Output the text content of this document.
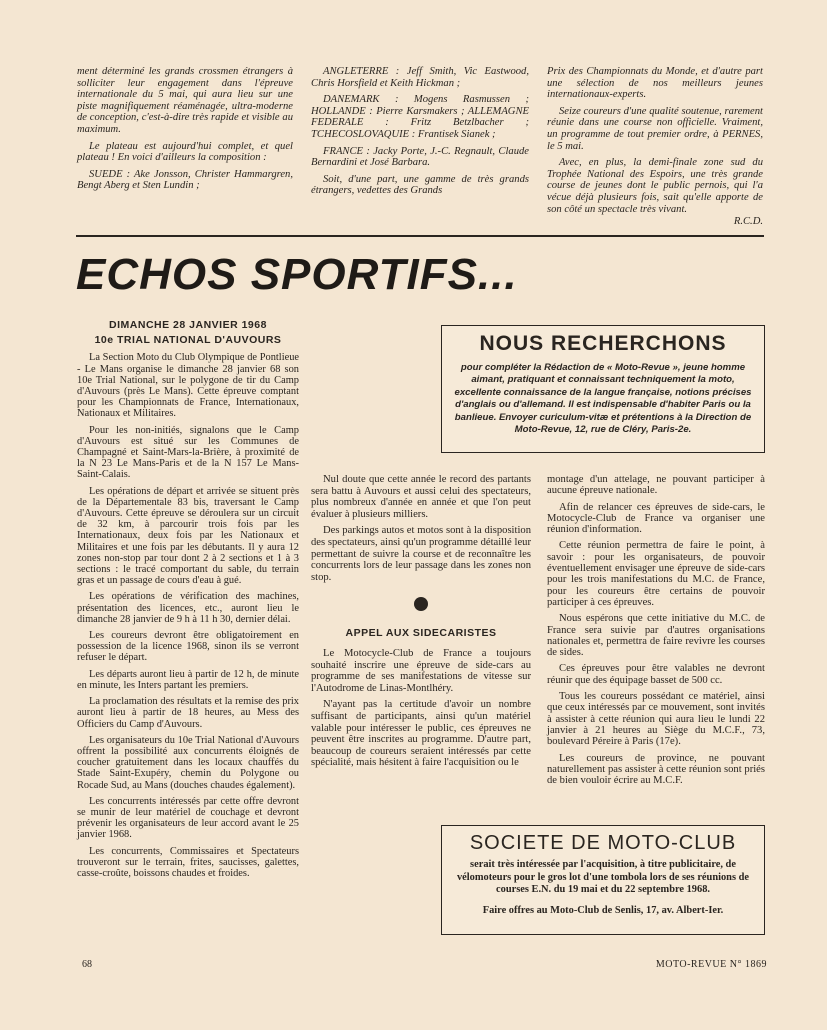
ment déterminé les grands crossmen étrangers à solliciter leur engagement dans l'épreuve internationale du 5 mai, qui aura lieu sur une piste magnifiquement réaménagée, ultra-moderne de conception, c'est-à-dire très rapide et visible au maximum.

Le plateau est aujourd'hui complet, et quel plateau ! En voici d'ailleurs la composition :

SUEDE : Ake Jonsson, Christer Hammargren, Bengt Aberg et Sten Lundin ;

ANGLETERRE : Jeff Smith, Vic Eastwood, Chris Horsfield et Keith Hickman ;

DANEMARK : Mogens Rasmussen ; HOLLANDE : Pierre Karsmakers ; ALLEMAGNE FEDERALE : Fritz Betzlbacher ; TCHECOSLOVAQUIE : Frantisek Sianek ;

FRANCE : Jacky Porte, J.-C. Regnault, Claude Bernardini et José Barbara.

Soit, d'une part, une gamme de très grands étrangers, vedettes des Grands

Prix des Championnats du Monde, et d'autre part une sélection de nos meilleurs jeunes internationaux-experts.

Seize coureurs d'une qualité soutenue, rarement réunie dans une course non officielle. Vraiment, un programme de tout premier ordre, à PERNES, le 5 mai.

Avec, en plus, la demi-finale zone sud du Trophée National des Espoirs, une très grande course de jeunes dont le public pernois, qui l'a vécue déjà plusieurs fois, sait qu'elle apporte de son côté un spectacle très vivant.

R.C.D.
ECHOS SPORTIFS...
DIMANCHE 28 JANVIER 1968
10e TRIAL NATIONAL D'AUVOURS

La Section Moto du Club Olympique de Pontlieue - Le Mans organise le dimanche 28 janvier 68 son 10e Trial National, sur le polygone de tir du Camp d'Auvours (près Le Mans). Cette épreuve comptant pour les Championnats de France, Internationaux, Nationaux et Militaires.

Pour les non-initiés, signalons que le Camp d'Auvours est situé sur les Communes de Champagné et Saint-Mars-la-Brière, à proximité de la N 23 Le Mans-Paris et de la N 157 Le Mans-Saint-Calais.

Les opérations de départ et arrivée se situent près de la Départementale 83 bis, traversant le Camp d'Auvours. Cette épreuve se déroulera sur un circuit de 32 km, à parcourir trois fois par les Internationaux, deux fois par les Nationaux et Militaires et une fois par les débutants. Il y aura 12 zones non-stop par tour dont 2 à 2 sections et 1 à 3 sections : le tracé comportant du sable, du terrain gras et un passage de cours d'eau à gué.

Les opérations de vérification des machines, présentation des licences, etc., auront lieu le dimanche 28 janvier de 9 h à 11 h 30, dernier délai.

Les coureurs devront être obligatoirement en possession de la licence 1968, sinon ils se verront refuser le départ.

Les départs auront lieu à partir de 12 h, de minute en minute, les Inters partant les premiers.

La proclamation des résultats et la remise des prix auront lieu à partir de 18 heures, au Mess des Officiers du Camp d'Auvours.

Les organisateurs du 10e Trial National d'Auvours offrent la possibilité aux concurrents éloignés de coucher gratuitement dans les locaux chauffés du Stade Saint-Exupéry, chemin du Polygone ou Rocade Sud, au Mans (douches chaudes également).

Les concurrents intéressés par cette offre devront se munir de leur matériel de couchage et devront prévenir les organisateurs de leur accord avant le 25 janvier 1968.

Les concurrents, Commissaires et Spectateurs trouveront sur le terrain, frites, saucisses, galettes, casse-croûte, boissons chaudes et froides.

NOUS RECHERCHONS
pour compléter la Rédaction de « Moto-Revue », jeune homme aimant, pratiquant et connaissant techniquement la moto, excellente connaissance de la langue française, notions précises d'anglais ou d'allemand. Il est indispensable d'habiter Paris ou la banlieue. Envoyer curiculum-vitæ et prétentions à la Direction de Moto-Revue, 12, rue de Cléry, Paris-2e.

Nul doute que cette année le record des partants sera battu à Auvours et aussi celui des spectateurs, plus nombreux d'année en année et que l'on peut évaluer à plusieurs milliers.

Des parkings autos et motos sont à la disposition des spectateurs, ainsi qu'un programme détaillé leur permettant de suivre la course et de reconnaître les concurrents lors de leur passage dans les zones non stop.

APPEL AUX SIDECARISTES

Le Motocycle-Club de France a toujours souhaité inscrire une épreuve de side-cars au programme de ses manifestations de vitesse sur l'Autodrome de Linas-Montlhéry.

N'ayant pas la certitude d'avoir un nombre suffisant de participants, ainsi qu'un matériel valable pour intéresser le public, ces épreuves ne peuvent être inscrites au programme. D'autre part, beaucoup de coureurs seraient intéressés par cette spécialité, mais hésitent à faire l'acquisition ou le

montage d'un attelage, ne pouvant participer à aucune épreuve nationale.

Afin de relancer ces épreuves de side-cars, le Motocycle-Club de France va organiser une réunion d'information.

Cette réunion permettra de faire le point, à savoir : pour les organisateurs, de pouvoir éventuellement envisager une épreuve de side-cars pour les trois manifestations du M.C. de France, pour les coureurs être certains de pouvoir participer à ces épreuves.

Nous espérons que cette initiative du M.C. de France sera suivie par d'autres organisations nationales et, permettra de faire revivre les courses de sides.

Ces épreuves pour être valables ne devront réunir que des équipage basset de 500 cc.

Tous les coureurs possédant ce matériel, ainsi que ceux intéressés par ce mouvement, sont invités à assister à cette réunion qui aura lieu le lundi 22 janvier à 21 heures au Siège du M.C.F., 73, boulevard Péreire à Paris (17e).

Les coureurs de province, ne pouvant naturellement pas assister à cette réunion sont priés de bien vouloir écrire au M.C.F.

SOCIETE DE MOTO-CLUB
serait très intéressée par l'acquisition, à titre publicitaire, de vélomoteurs pour le gros lot d'une tombola lors de ses réunions de courses E.N. du 19 mai et du 22 septembre 1968.
Faire offres au Moto-Club de Senlis, 17, av. Albert-Ier.
68	MOTO-REVUE N° 1869
